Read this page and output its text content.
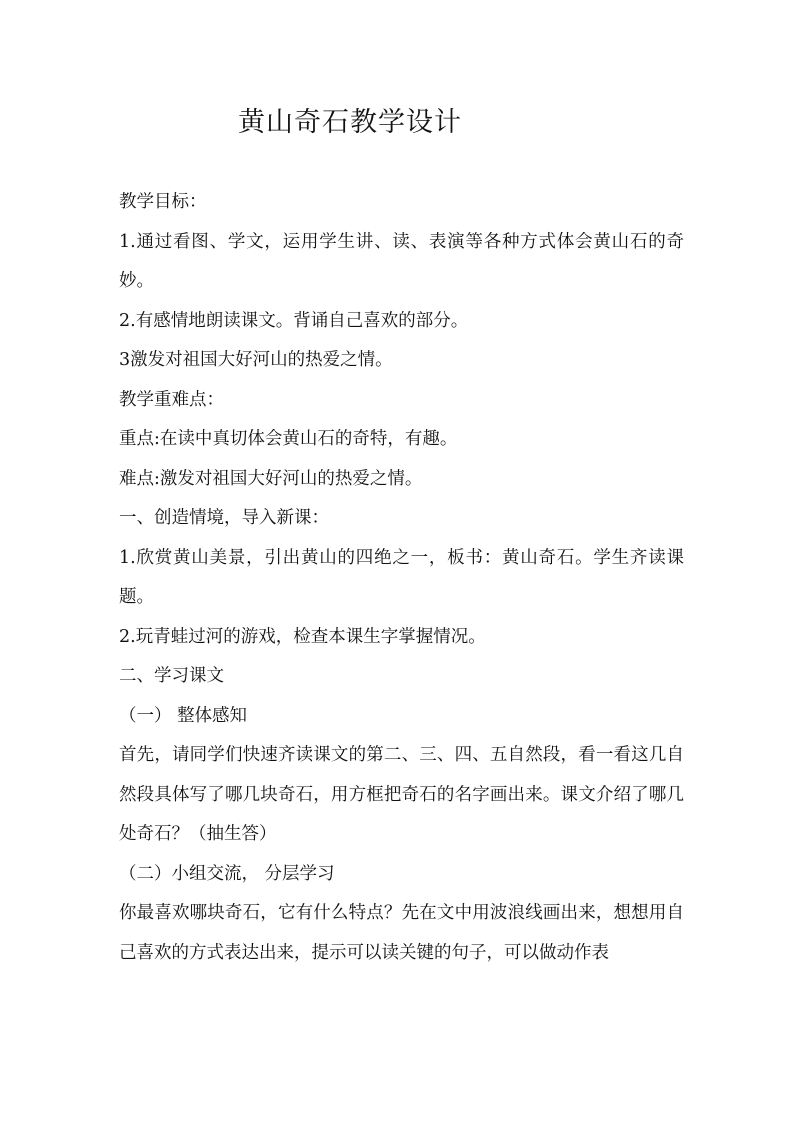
黄山奇石教学设计

教学目标：

1.通过看图、学文，运用学生讲、读、表演等各种方式体会黄山石的奇妙。

2.有感情地朗读课文。背诵自己喜欢的部分。

3激发对祖国大好河山的热爱之情。

教学重难点：

重点:在读中真切体会黄山石的奇特，有趣。

难点:激发对祖国大好河山的热爱之情。

一、创造情境，导入新课：

1.欣赏黄山美景，引出黄山的四绝之一，板书：黄山奇石。学生齐读课题。

2.玩青蛙过河的游戏，检查本课生字掌握情况。

二、学习课文

（一） 整体感知

首先，请同学们快速齐读课文的第二、三、四、五自然段，看一看这几自然段具体写了哪几块奇石，用方框把奇石的名字画出来。课文介绍了哪几处奇石？（抽生答）

（二）小组交流， 分层学习

你最喜欢哪块奇石，它有什么特点？先在文中用波浪线画出来，想想用自己喜欢的方式表达出来，提示可以读关键的句子，可以做动作表
